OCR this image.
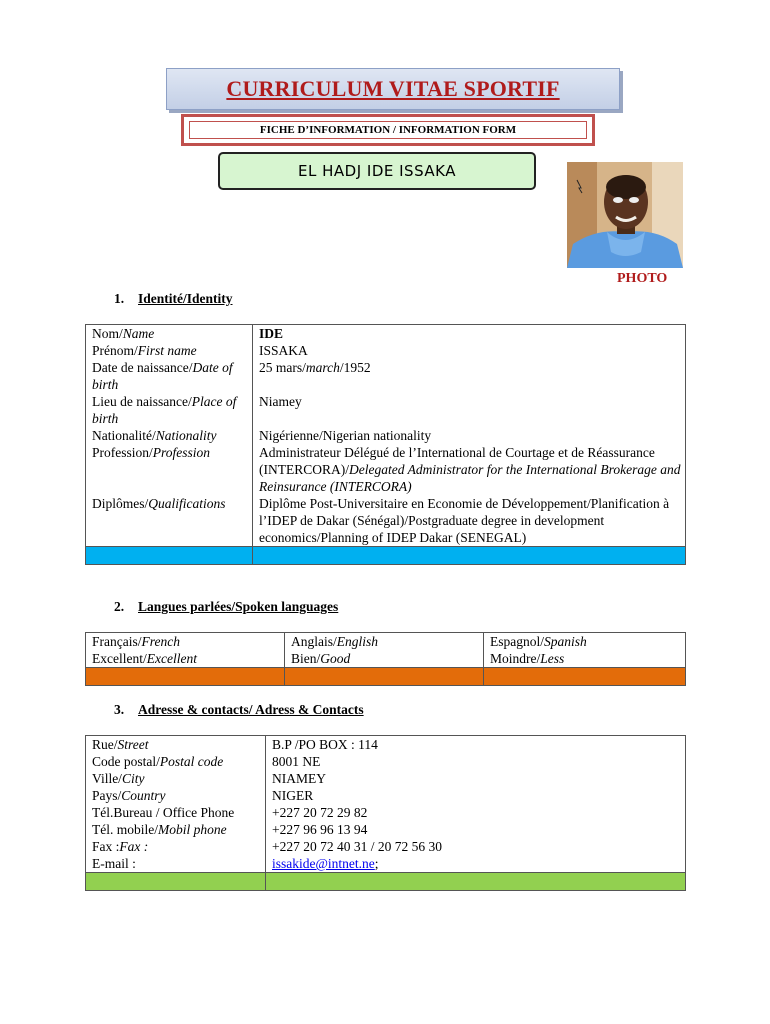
CURRICULUM VITAE SPORTIF
FICHE D’INFORMATION / INFORMATION FORM
EL HADJ IDE ISSAKA
PHOTO
1. Identité/Identity
Nom/Name	IDE
Prénom/First name	ISSAKA
Date de naissance/Date of birth	25 mars/march/1952
Lieu de naissance/Place of birth	Niamey
Nationalité/Nationality	Nigérienne/Nigerian nationality
Profession/Profession	Administrateur Délégué de l’International de Courtage et de Réassurance (INTERCORA)/Delegated Administrator for the International Brokerage and Reinsurance (INTERCORA)
Diplômes/Qualifications	Diplôme Post-Universitaire en Economie de Développement/Planification à l’IDEP de Dakar (Sénégal)/Postgraduate degree in development economics/Planning of IDEP Dakar (SENEGAL)

2. Langues parlées/Spoken languages
Français/French	Anglais/English	Espagnol/Spanish
Excellent/Excellent	Bien/Good	Moindre/Less

3. Adresse & contacts/ Adress & Contacts
Rue/Street	B.P /PO BOX : 114
Code postal/Postal code	8001 NE
Ville/City	NIAMEY
Pays/Country	NIGER
Tél.Bureau / Office Phone	+227 20 72 29 82
Tél. mobile/Mobil phone	+227 96 96 13 94
Fax :Fax :	+227 20 72 40 31 / 20 72 56 30
E-mail :	issakide@intnet.ne;
